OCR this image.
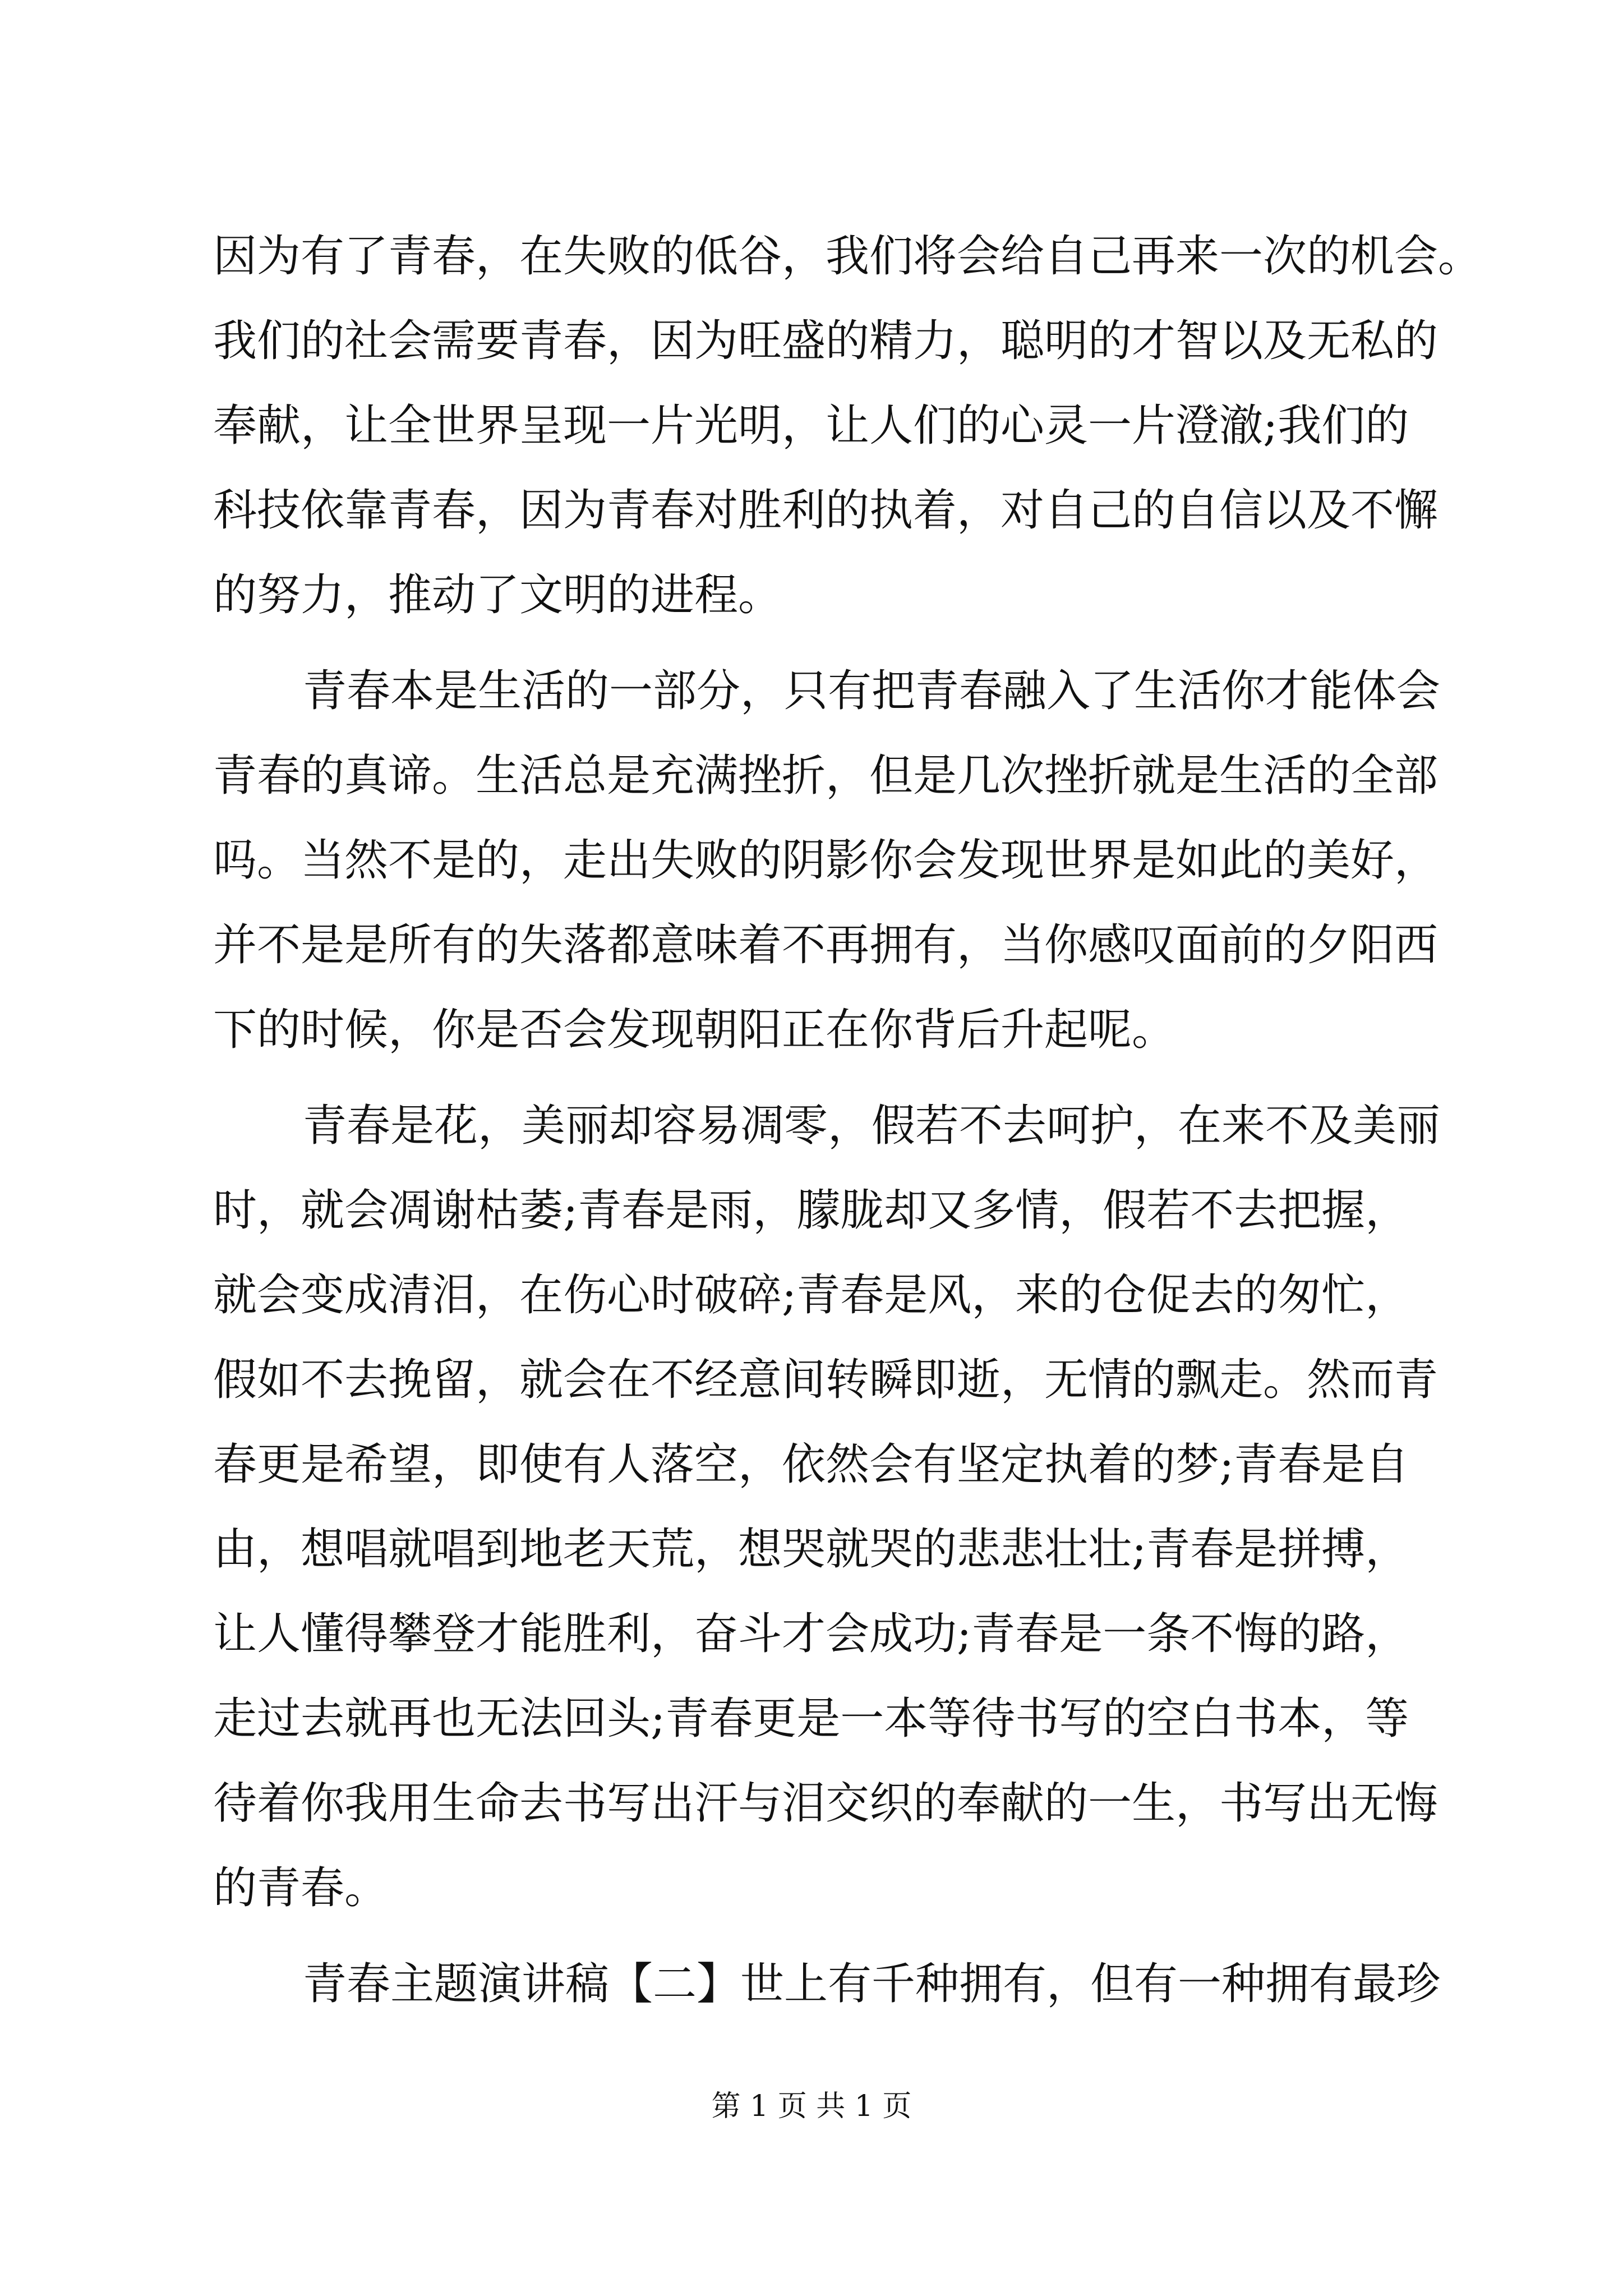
因为有了青春，在失败的低谷，我们将会给自己再来一次的机会。
我们的社会需要青春，因为旺盛的精力，聪明的才智以及无私的
奉献，让全世界呈现一片光明，让人们的心灵一片澄澈;我们的
科技依靠青春，因为青春对胜利的执着，对自己的自信以及不懈
的努力，推动了文明的进程。
青春本是生活的一部分，只有把青春融入了生活你才能体会
青春的真谛。生活总是充满挫折，但是几次挫折就是生活的全部
吗。当然不是的，走出失败的阴影你会发现世界是如此的美好，
并不是是所有的失落都意味着不再拥有，当你感叹面前的夕阳西
下的时候，你是否会发现朝阳正在你背后升起呢。
青春是花，美丽却容易凋零，假若不去呵护，在来不及美丽
时，就会凋谢枯萎;青春是雨，朦胧却又多情，假若不去把握，
就会变成清泪，在伤心时破碎;青春是风，来的仓促去的匆忙，
假如不去挽留，就会在不经意间转瞬即逝，无情的飘走。然而青
春更是希望，即使有人落空，依然会有坚定执着的梦;青春是自
由，想唱就唱到地老天荒，想哭就哭的悲悲壮壮;青春是拼搏，
让人懂得攀登才能胜利，奋斗才会成功;青春是一条不悔的路，
走过去就再也无法回头;青春更是一本等待书写的空白书本，等
待着你我用生命去书写出汗与泪交织的奉献的一生，书写出无悔
的青春。
青春主题演讲稿【二】世上有千种拥有，但有一种拥有最珍
第 1 页 共 1 页
